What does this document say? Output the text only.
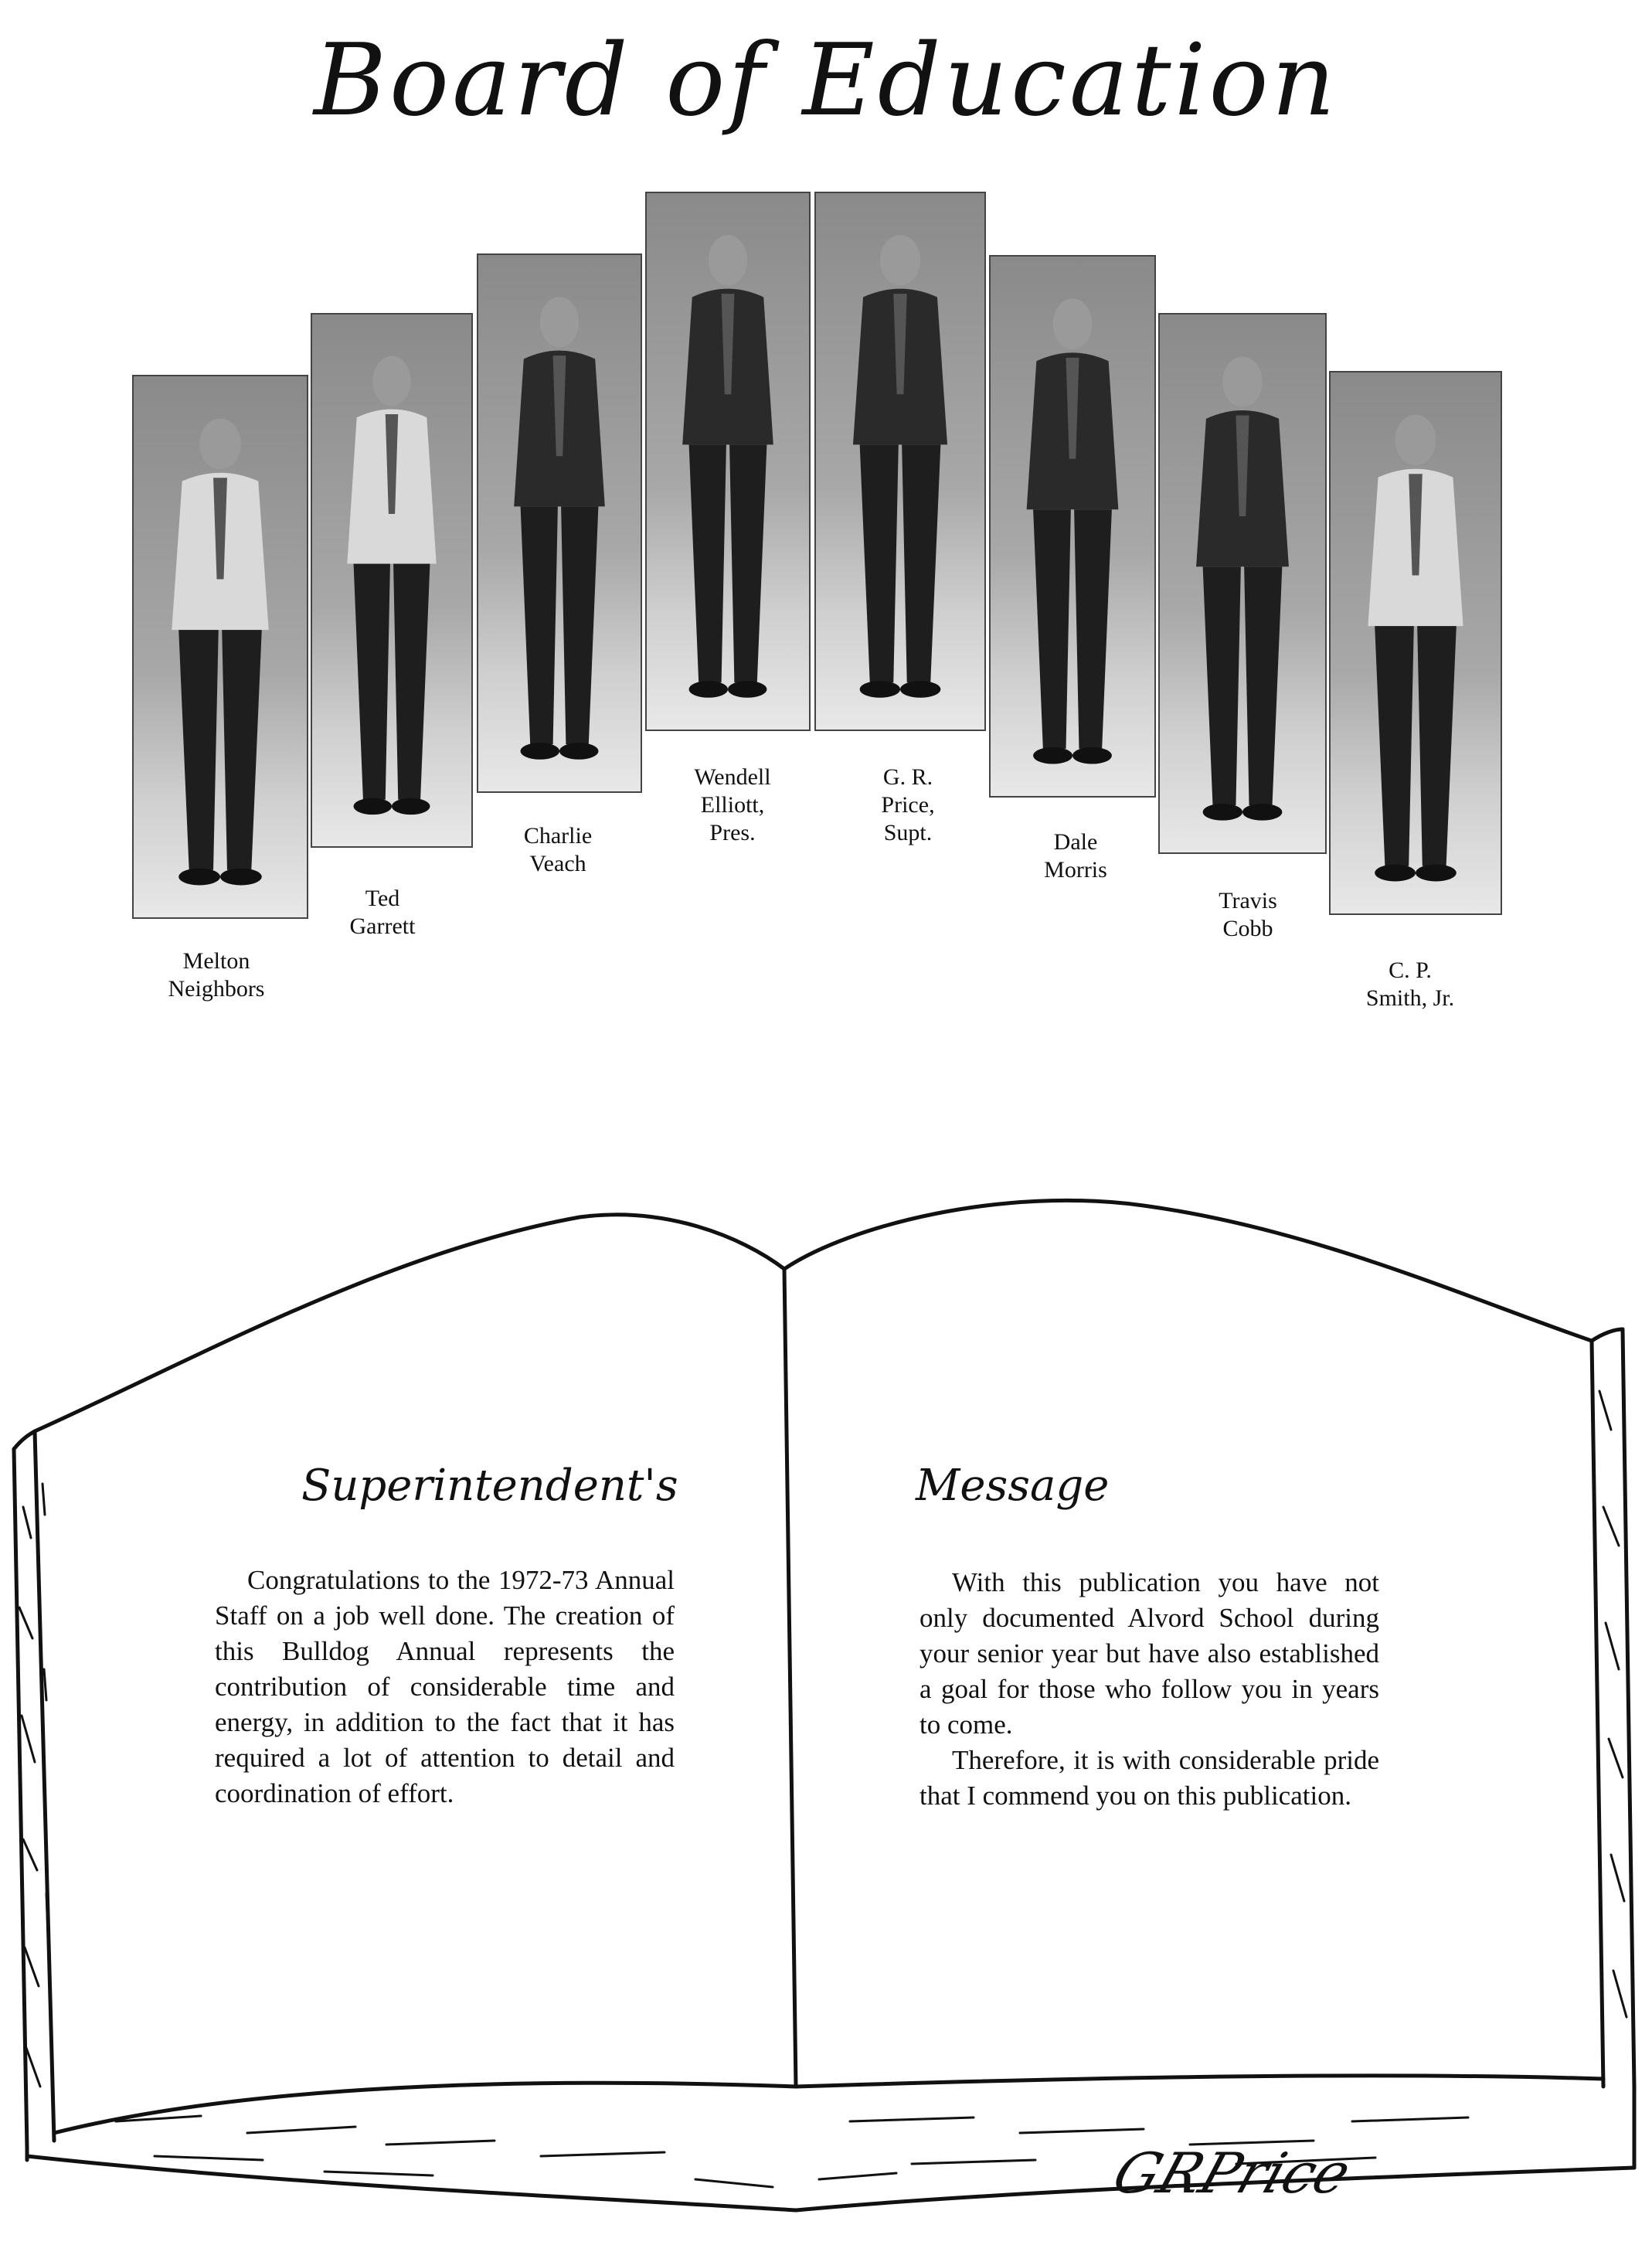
Board of Education
Melton
Neighbors
Ted
Garrett
Charlie
Veach
Wendell
Elliott,
Pres.
G. R.
Price,
Supt.	Dale
Morris
Travis
Cobb
C. P.
Smith, Jr.
Superintendent's	Message

Congratulations to the 1972-73 Annual Staff on a job well done. The creation of this Bulldog Annual represents the contribution of considerable time and energy, in addition to the fact that it has required a lot of attention to detail and coordination of effort.

With this publication you have not only documented Alvord School during your senior year but have also established a goal for those who follow you in years to come.

Therefore, it is with considerable pride that I commend you on this publication.

GRPrice
